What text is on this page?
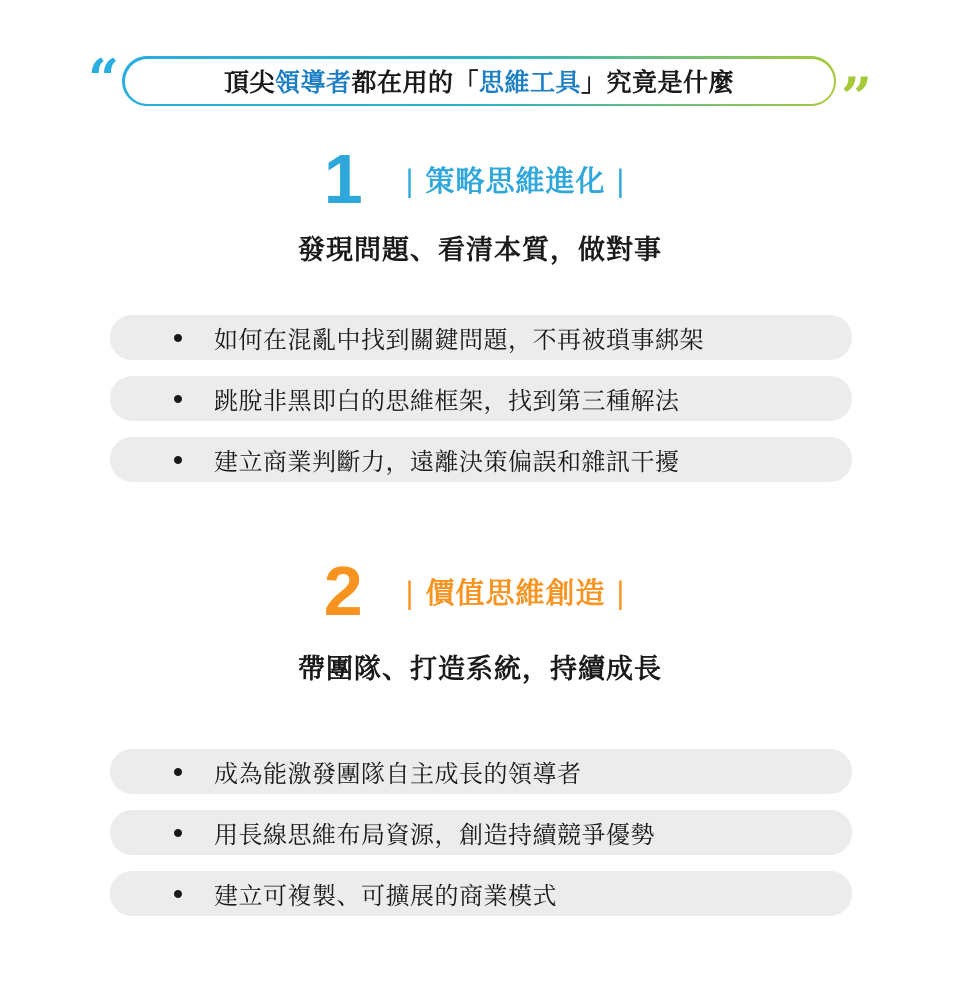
“	頂尖 領導者 都在用的 「 思維工具 」 究竟是什麼 ”
1	| 策略思維進化 |
發現問題、看清本質，做對事
如何在混亂中找到關鍵問題，不再被瑣事綁架
跳脫非黑即白的思維框架，找到第三種解法
建立商業判斷力，遠離決策偏誤和雜訊干擾
2	| 價值思維創造 |
帶團隊、打造系統，持續成長
成為能激發團隊自主成長的領導者
用長線思維布局資源，創造持續競爭優勢
建立可複製、可擴展的商業模式
